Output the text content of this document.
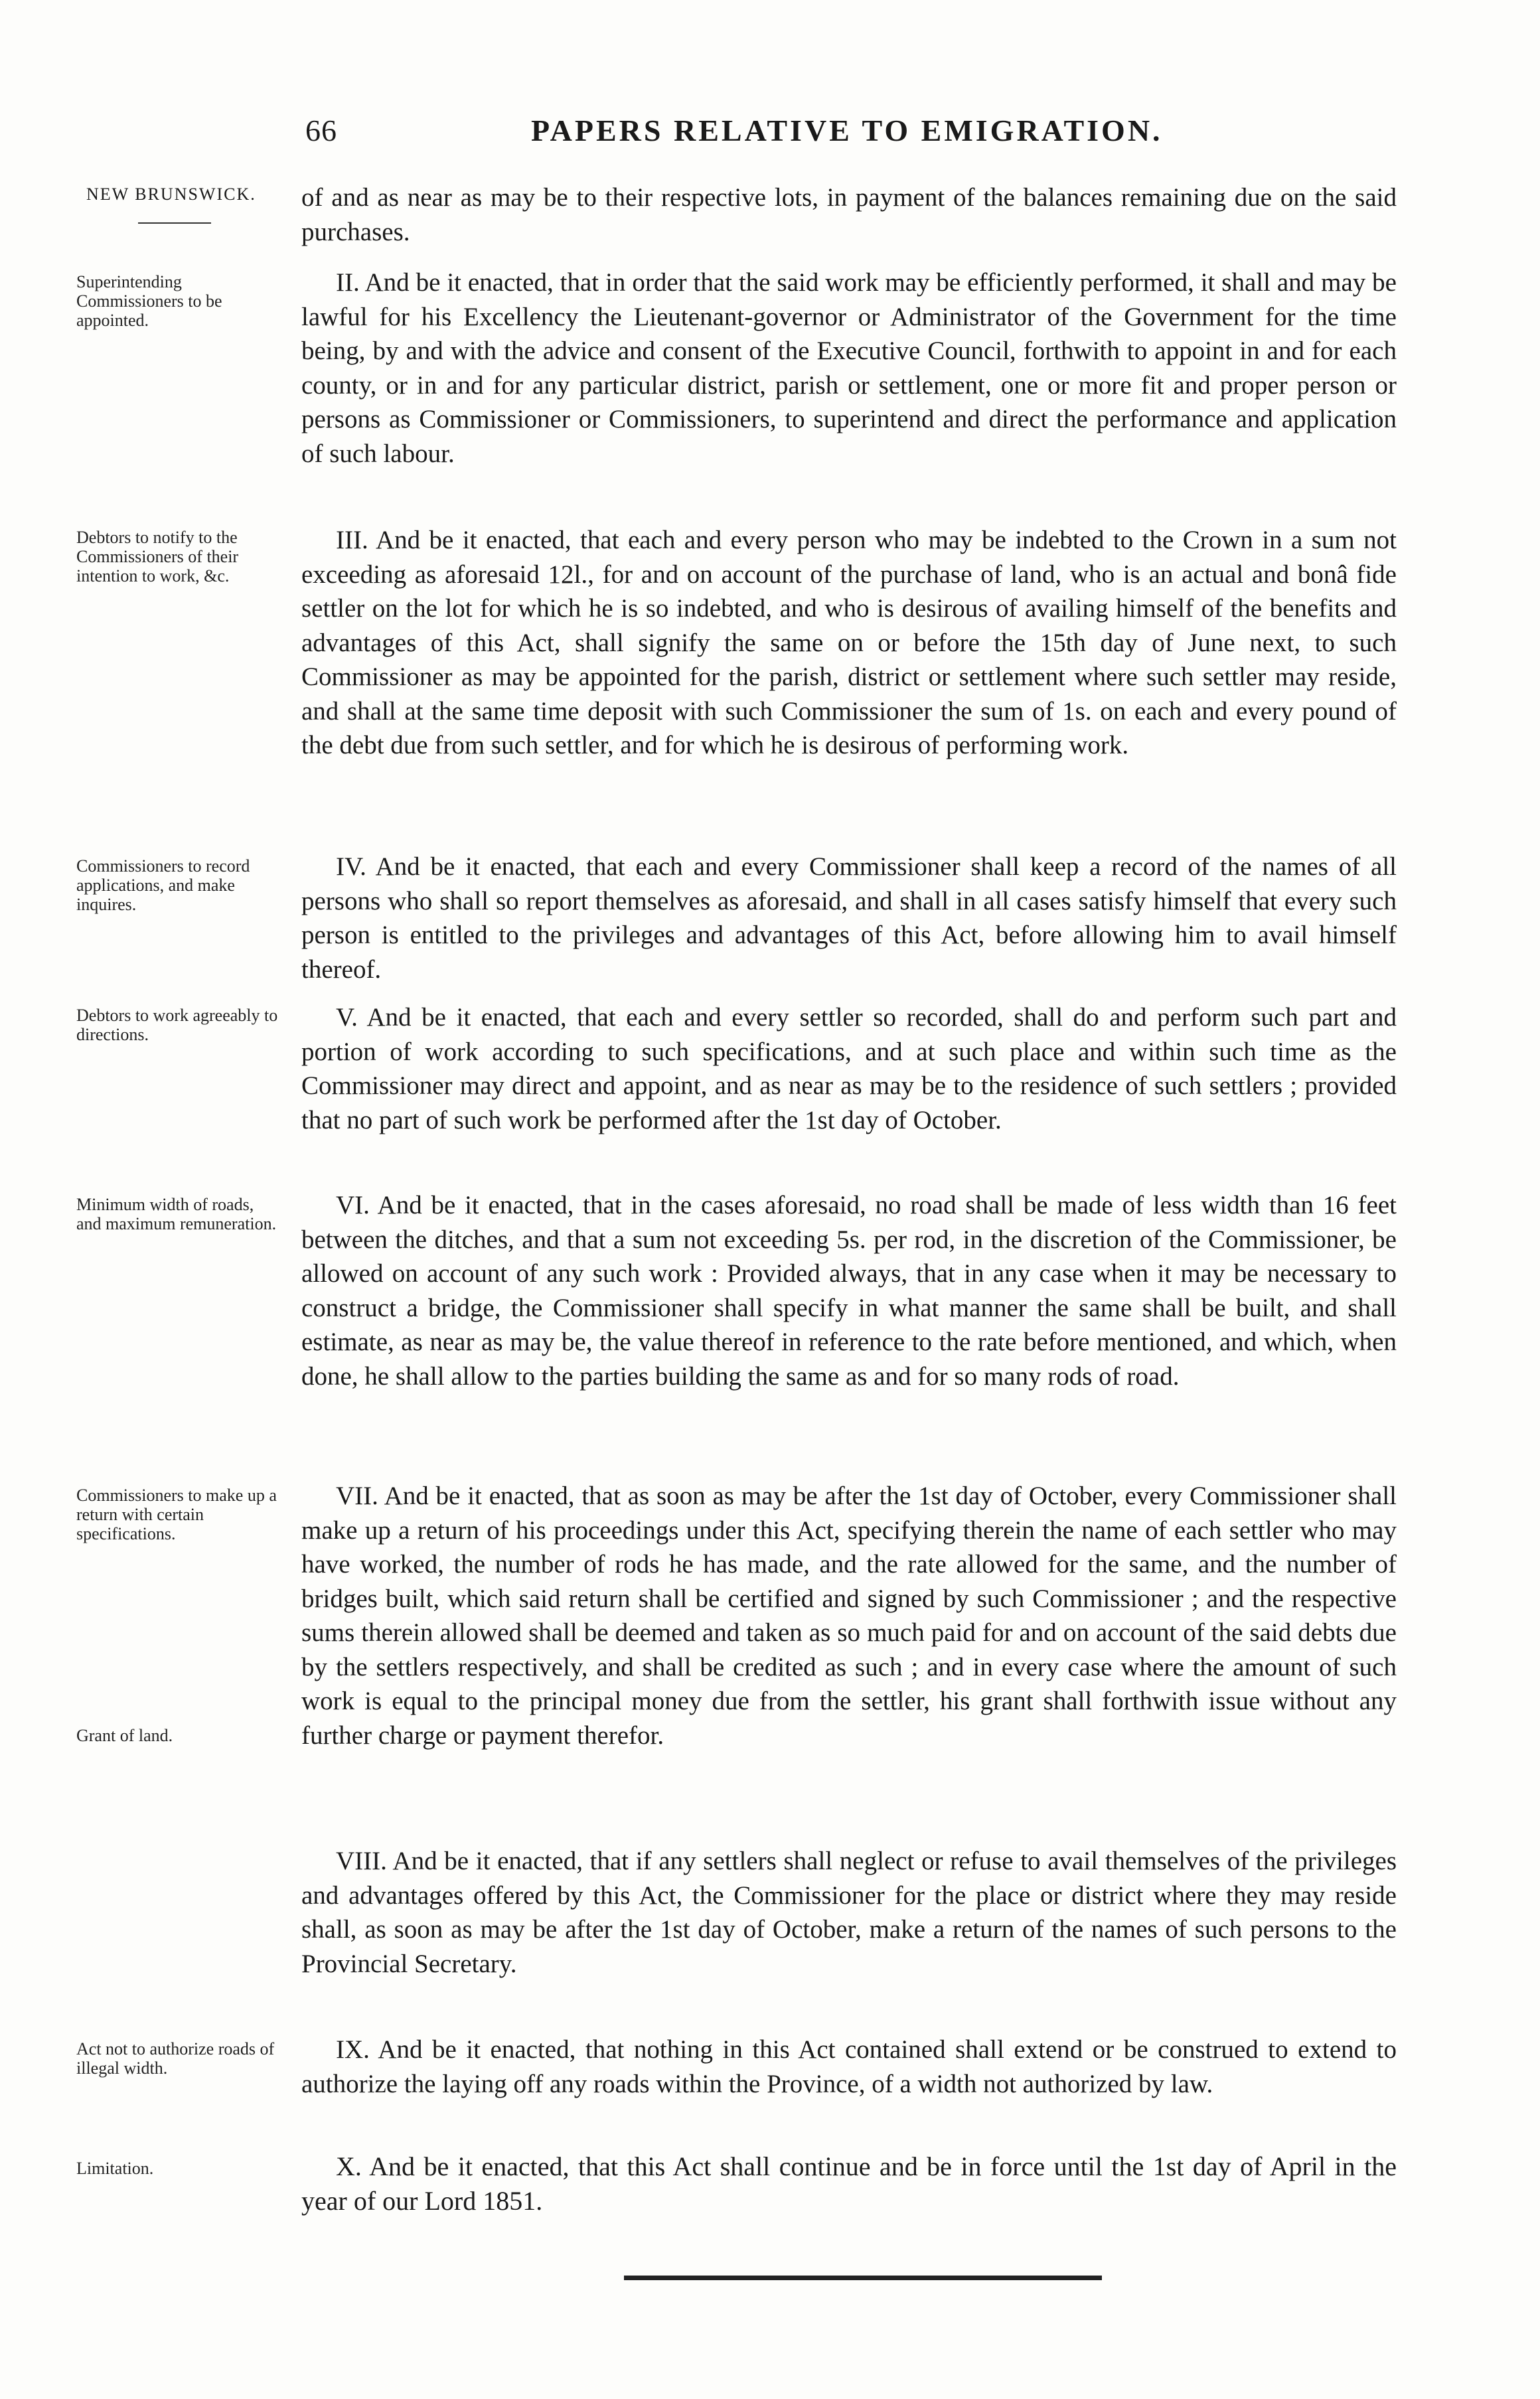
66	PAPERS RELATIVE TO EMIGRATION.
NEW BRUNSWICK.	of and as near as may be to their respective lots, in payment of the balances remaining due on the said purchases.

II. And be it enacted, that in order that the said work may be efficiently performed, it shall and may be lawful for his Excellency the Lieutenant-governor or Administrator of the Government for the time being, by and with the advice and consent of the Executive Council, forthwith to appoint in and for each county, or in and for any particular district, parish or settlement, one or more fit and proper person or persons as Commissioner or Commissioners, to superintend and direct the performance and application of such labour.

III. And be it enacted, that each and every person who may be indebted to the Crown in a sum not exceeding as aforesaid 12l., for and on account of the purchase of land, who is an actual and bonâ fide settler on the lot for which he is so indebted, and who is desirous of availing himself of the benefits and advantages of this Act, shall signify the same on or before the 15th day of June next, to such Commissioner as may be appointed for the parish, district or settlement where such settler may reside, and shall at the same time deposit with such Commissioner the sum of 1s. on each and every pound of the debt due from such settler, and for which he is desirous of performing work.

IV. And be it enacted, that each and every Commissioner shall keep a record of the names of all persons who shall so report themselves as aforesaid, and shall in all cases satisfy himself that every such person is entitled to the privileges and advantages of this Act, before allowing him to avail himself thereof.

V. And be it enacted, that each and every settler so recorded, shall do and perform such part and portion of work according to such specifications, and at such place and within such time as the Commissioner may direct and appoint, and as near as may be to the residence of such settlers ; provided that no part of such work be performed after the 1st day of October.

VI. And be it enacted, that in the cases aforesaid, no road shall be made of less width than 16 feet between the ditches, and that a sum not exceeding 5s. per rod, in the discretion of the Commissioner, be allowed on account of any such work : Provided always, that in any case when it may be necessary to construct a bridge, the Commissioner shall specify in what manner the same shall be built, and shall estimate, as near as may be, the value thereof in reference to the rate before mentioned, and which, when done, he shall allow to the parties building the same as and for so many rods of road.

VII. And be it enacted, that as soon as may be after the 1st day of October, every Commissioner shall make up a return of his proceedings under this Act, specifying therein the name of each settler who may have worked, the number of rods he has made, and the rate allowed for the same, and the number of bridges built, which said return shall be certified and signed by such Commissioner ; and the respective sums therein allowed shall be deemed and taken as so much paid for and on account of the said debts due by the settlers respectively, and shall be credited as such ; and in every case where the amount of such work is equal to the principal money due from the settler, his grant shall forthwith issue without any further charge or payment therefor.

VIII. And be it enacted, that if any settlers shall neglect or refuse to avail themselves of the privileges and advantages offered by this Act, the Commissioner for the place or district where they may reside shall, as soon as may be after the 1st day of October, make a return of the names of such persons to the Provincial Secretary.

IX. And be it enacted, that nothing in this Act contained shall extend or be construed to extend to authorize the laying off any roads within the Province, of a width not authorized by law.

X. And be it enacted, that this Act shall continue and be in force until the 1st day of April in the year of our Lord 1851.

Superintending Commissioners to be appointed.
Debtors to notify to the Commissioners of their intention to work, &c.
Commissioners to record applications, and make inquires.
Debtors to work agreeably to directions.
Minimum width of roads, and maximum remuneration.
Commissioners to make up a return with certain specifications.
Grant of land.
Act not to authorize roads of illegal width.
Limitation.
